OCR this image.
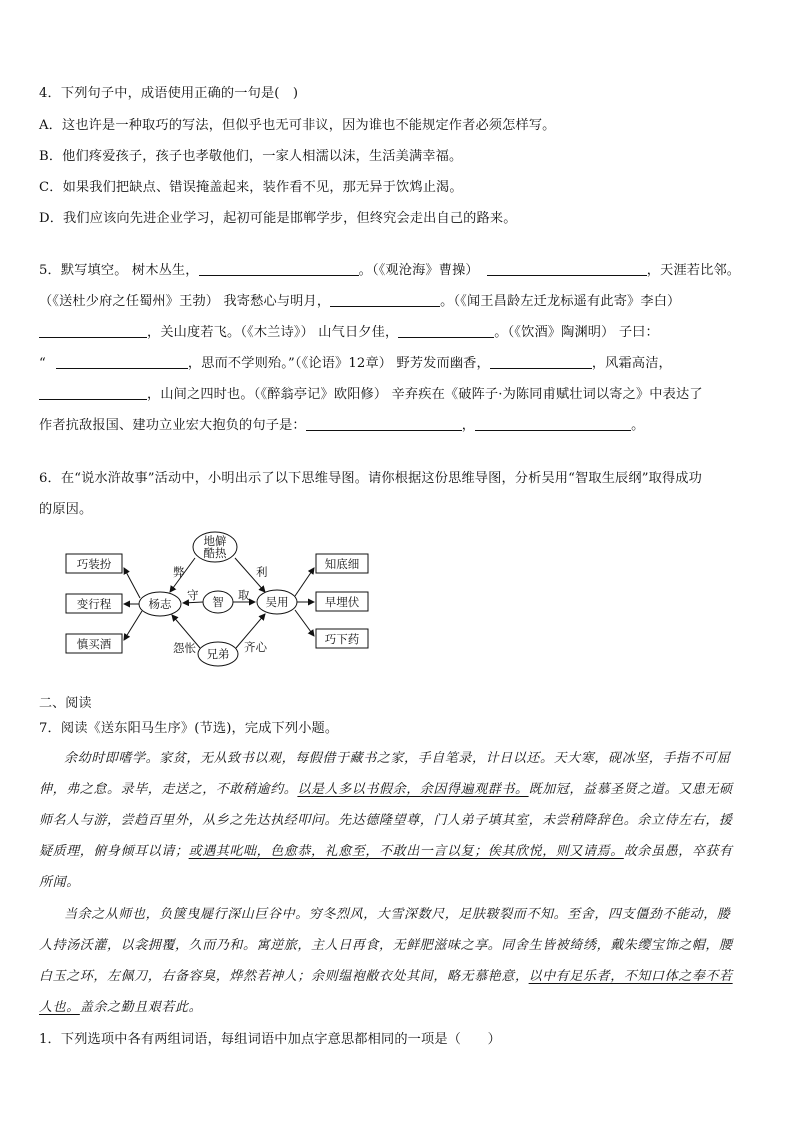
4．下列句子中，成语使用正确的一句是(　)
A．这也许是一种取巧的写法，但似乎也无可非议，因为谁也不能规定作者必须怎样写。
B．他们疼爱孩子，孩子也孝敬他们，一家人相濡以沫，生活美满幸福。
C．如果我们把缺点、错误掩盖起来，装作看不见，那无异于饮鸩止渴。
D．我们应该向先进企业学习，起初可能是邯郸学步，但终究会走出自己的路来。
5．默写填空。 树木丛生，	。（《观沧海》曹操）	，天涯若比邻。
（《送杜少府之任蜀州》王勃） 我寄愁心与明月，	。（《闻王昌龄左迁龙标遥有此寄》李白）
，关山度若飞。（《木兰诗》） 山气日夕佳，	。（《饮酒》陶渊明） 子曰：
“	，思而不学则殆。”（《论语》12章） 野芳发而幽香，	，风霜高洁，
，山间之四时也。（《醉翁亭记》欧阳修） 辛弃疾在《破阵子·为陈同甫赋壮词以寄之》中表达了
作者抗敌报国、建功立业宏大抱负的句子是：	，	。
6．在“说水浒故事”活动中，小明出示了以下思维导图。请你根据这份思维导图，分析吴用“智取生辰纲”取得成功
的原因。
巧装扮
变行程
慎买酒
知底细
早埋伏
巧下药
地僻
酷热
杨志	智	吴用
兄弟
弊	利
守	取
怨怅	齐心
二、阅读
7．阅读《送东阳马生序》(节选)，完成下列小题。
余幼时即嗜学。家贫，无从致书以观，每假借于藏书之家，手自笔录，计日以还。天大寒，砚冰坚，手指不可屈
伸，弗之怠。录毕，走送之，不敢稍逾约。以是人多以书假余，余因得遍观群书。既加冠，益慕圣贤之道。又患无硕
师名人与游，尝趋百里外，从乡之先达执经叩问。先达德隆望尊，门人弟子填其室，未尝稍降辞色。余立侍左右，援
疑质理，俯身倾耳以请；或遇其叱咄，色愈恭，礼愈至，不敢出一言以复；俟其欣悦，则又请焉。故余虽愚，卒获有
所闻。
当余之从师也，负箧曳屣行深山巨谷中。穷冬烈风，大雪深数尺，足肤皲裂而不知。至舍，四支僵劲不能动，媵
人持汤沃灌，以衾拥覆，久而乃和。寓逆旅，主人日再食，无鲜肥滋味之享。同舍生皆被绮绣，戴朱缨宝饰之帽，腰
白玉之环，左佩刀，右备容臭，烨然若神人；余则缊袍敝衣处其间，略无慕艳意，以中有足乐者，不知口体之奉不若
人也。盖余之勤且艰若此。
1．下列选项中各有两组词语，每组词语中加点字意思都相同的一项是（　　）
